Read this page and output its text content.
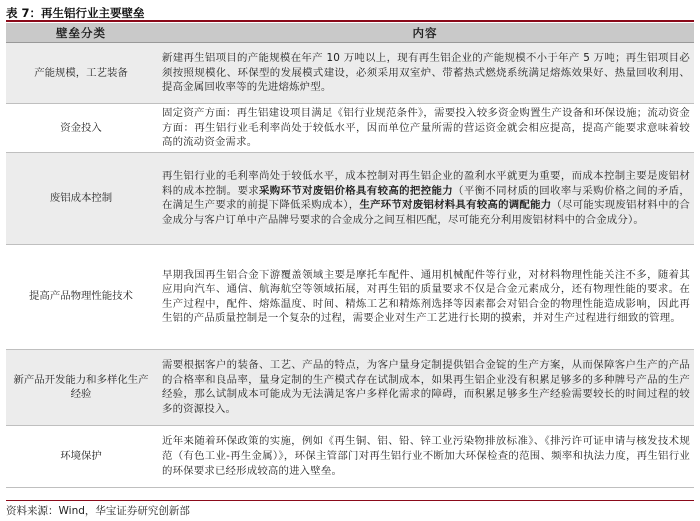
表 7：再生铝行业主要壁垒
壁垒分类	内容
产能规模，工艺装备	新建再生铝项目的产能规模在年产 10 万吨以上，现有再生铝企业的产能规模不小于年产 5 万吨；再生铝项目必须按照规模化、环保型的发展模式建设，必须采用双室炉、带蓄热式燃烧系统满足熔炼效果好、热量回收利用、提高金属回收率等的先进熔炼炉型。
资金投入	固定资产方面：再生铝建设项目满足《铝行业规范条件》，需要投入较多资金购置生产设备和环保设施；流动资金方面：再生铝行业毛利率尚处于较低水平，因而单位产量所需的营运资金就会相应提高，提高产能要求意味着较高的流动资金需求。
废铝成本控制	再生铝行业的毛利率尚处于较低水平，成本控制对再生铝企业的盈利水平就更为重要，而成本控制主要是废铝材料的成本控制。要求采购环节对废铝价格具有较高的把控能力（平衡不同材质的回收率与采购价格之间的矛盾，在满足生产要求的前提下降低采购成本），生产环节对废铝材料具有较高的调配能力（尽可能实现废铝材料中的合金成分与客户订单中产品牌号要求的合金成分之间互相匹配，尽可能充分利用废铝材料中的合金成分）。
提高产品物理性能技术	早期我国再生铝合金下游覆盖领域主要是摩托车配件、通用机械配件等行业，对材料物理性能关注不多，随着其应用向汽车、通信、航海航空等领域拓展，对再生铝的质量要求不仅是合金元素成分，还有物理性能的要求。在生产过程中，配件、熔炼温度、时间、精炼工艺和精炼剂选择等因素都会对铝合金的物理性能造成影响，因此再生铝的产品质量控制是一个复杂的过程，需要企业对生产工艺进行长期的摸索，并对生产过程进行细致的管理。
新产品开发能力和多样化生产经验	需要根据客户的装备、工艺、产品的特点，为客户量身定制提供铝合金锭的生产方案，从而保障客户生产的产品的合格率和良品率，量身定制的生产模式存在试制成本，如果再生铝企业没有积累足够多的多种牌号产品的生产经验，那么试制成本可能成为无法满足客户多样化需求的障碍，而积累足够多生产经验需要较长的时间过程的较多的资源投入。
环境保护	近年来随着环保政策的实施，例如《再生铜、铝、铅、锌工业污染物排放标准》、《排污许可证申请与核发技术规范（有色工业-再生金属）》，环保主管部门对再生铝行业不断加大环保检查的范围、频率和执法力度，再生铝行业的环保要求已经形成较高的进入壁垒。
资料来源：Wind，华宝证券研究创新部
